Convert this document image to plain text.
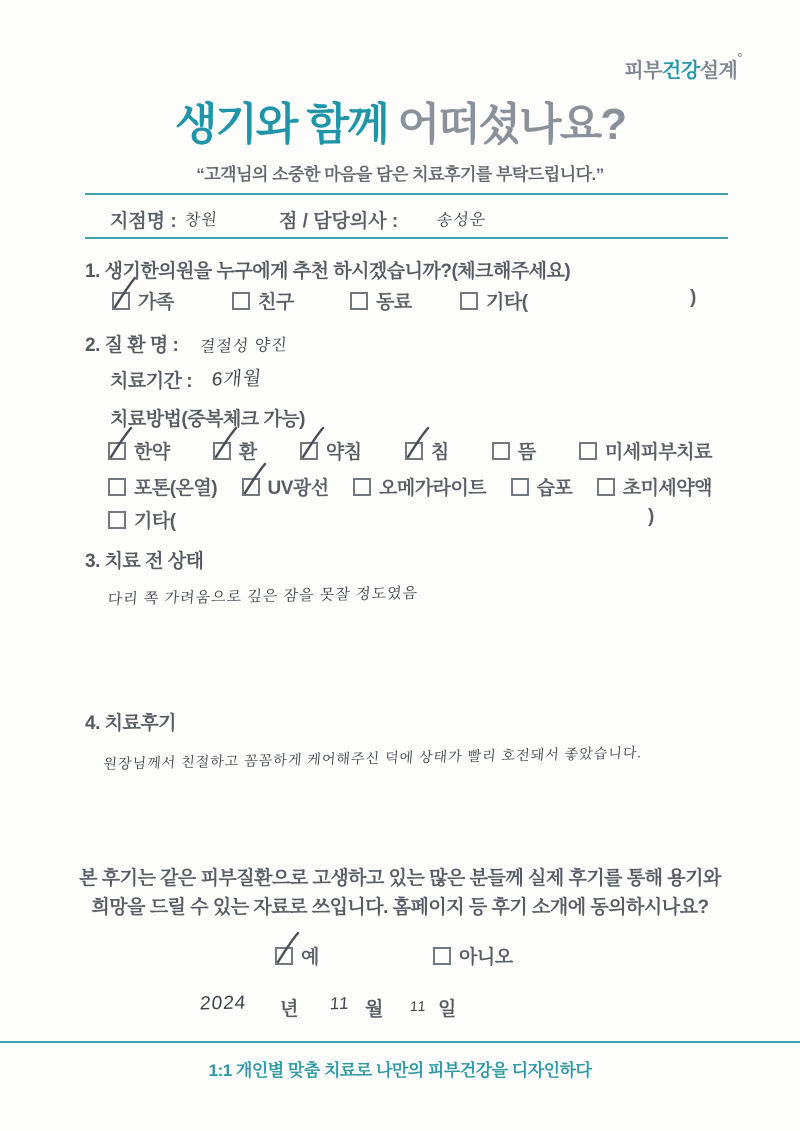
피부건강설계°
생기와 함께 어떠셨나요?
“고객님의 소중한 마음을 담은 치료후기를 부탁드립니다.”
지점명 : 창원	점 / 담당의사 : 송성운
1. 생기한의원을 누구에게 추천 하시겠습니까?(체크해주세요)
가족	친구	동료	기타(	)
2. 질 환 명 : 결절성 양진
치료기간 : 6개월
치료방법(중복체크 가능)
한약	환	약침	침	뜸	미세피부치료
포톤(온열)	UV광선	오메가라이트	습포	초미세약액
기타(	)
3. 치료 전 상태
다리 쪽 가려움으로 깊은 잠을 못잘 정도였음
4. 치료후기
원장님께서 친절하고 꼼꼼하게 케어해주신 덕에 상태가 빨리 호전돼서 좋았습니다.
본 후기는 같은 피부질환으로 고생하고 있는 많은 분들께 실제 후기를 통해 용기와
희망을 드릴 수 있는 자료로 쓰입니다. 홈페이지 등 후기 소개에 동의하시나요?
예	아니오
2024 년 11 월 11 일
1:1 개인별 맞춤 치료로 나만의 피부건강을 디자인하다
